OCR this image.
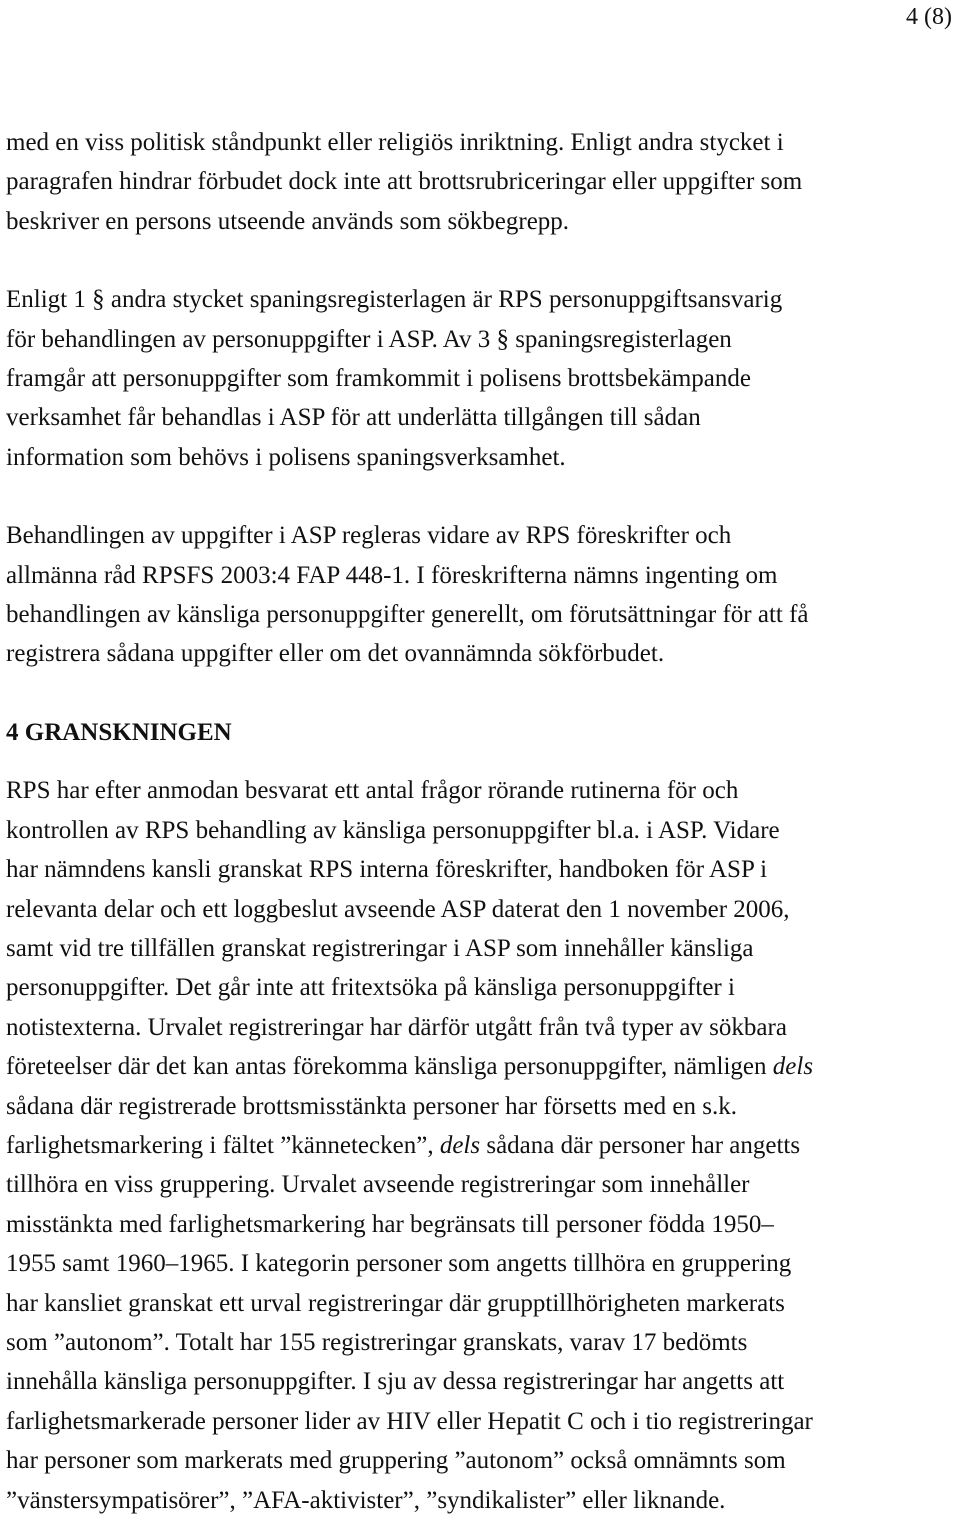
4 (8)

med en viss politisk ståndpunkt eller religiös inriktning. Enligt andra stycket i
paragrafen hindrar förbudet dock inte att brottsrubriceringar eller uppgifter som
beskriver en persons utseende används som sökbegrepp.

Enligt 1 § andra stycket spaningsregisterlagen är RPS personuppgiftsansvarig
för behandlingen av personuppgifter i ASP. Av 3 § spaningsregisterlagen
framgår att personuppgifter som framkommit i polisens brottsbekämpande
verksamhet får behandlas i ASP för att underlätta tillgången till sådan
information som behövs i polisens spaningsverksamhet.

Behandlingen av uppgifter i ASP regleras vidare av RPS föreskrifter och
allmänna råd RPSFS 2003:4 FAP 448-1. I föreskrifterna nämns ingenting om
behandlingen av känsliga personuppgifter generellt, om förutsättningar för att få
registrera sådana uppgifter eller om det ovannämnda sökförbudet.

4 GRANSKNINGEN

RPS har efter anmodan besvarat ett antal frågor rörande rutinerna för och
kontrollen av RPS behandling av känsliga personuppgifter bl.a. i ASP. Vidare
har nämndens kansli granskat RPS interna föreskrifter, handboken för ASP i
relevanta delar och ett loggbeslut avseende ASP daterat den 1 november 2006,
samt vid tre tillfällen granskat registreringar i ASP som innehåller känsliga
personuppgifter. Det går inte att fritextsöka på känsliga personuppgifter i
notistexterna. Urvalet registreringar har därför utgått från två typer av sökbara
företeelser där det kan antas förekomma känsliga personuppgifter, nämligen dels
sådana där registrerade brottsmisstänkta personer har försetts med en s.k.
farlighetsmarkering i fältet ”kännetecken”, dels sådana där personer har angetts
tillhöra en viss gruppering. Urvalet avseende registreringar som innehåller
misstänkta med farlighetsmarkering har begränsats till personer födda 1950–
1955 samt 1960–1965. I kategorin personer som angetts tillhöra en gruppering
har kansliet granskat ett urval registreringar där grupptillhörigheten markerats
som ”autonom”. Totalt har 155 registreringar granskats, varav 17 bedömts
innehålla känsliga personuppgifter. I sju av dessa registreringar har angetts att
farlighetsmarkerade personer lider av HIV eller Hepatit C och i tio registreringar
har personer som markerats med gruppering ”autonom” också omnämnts som
”vänstersympatisörer”, ”AFA-aktivister”, ”syndikalister” eller liknande.
